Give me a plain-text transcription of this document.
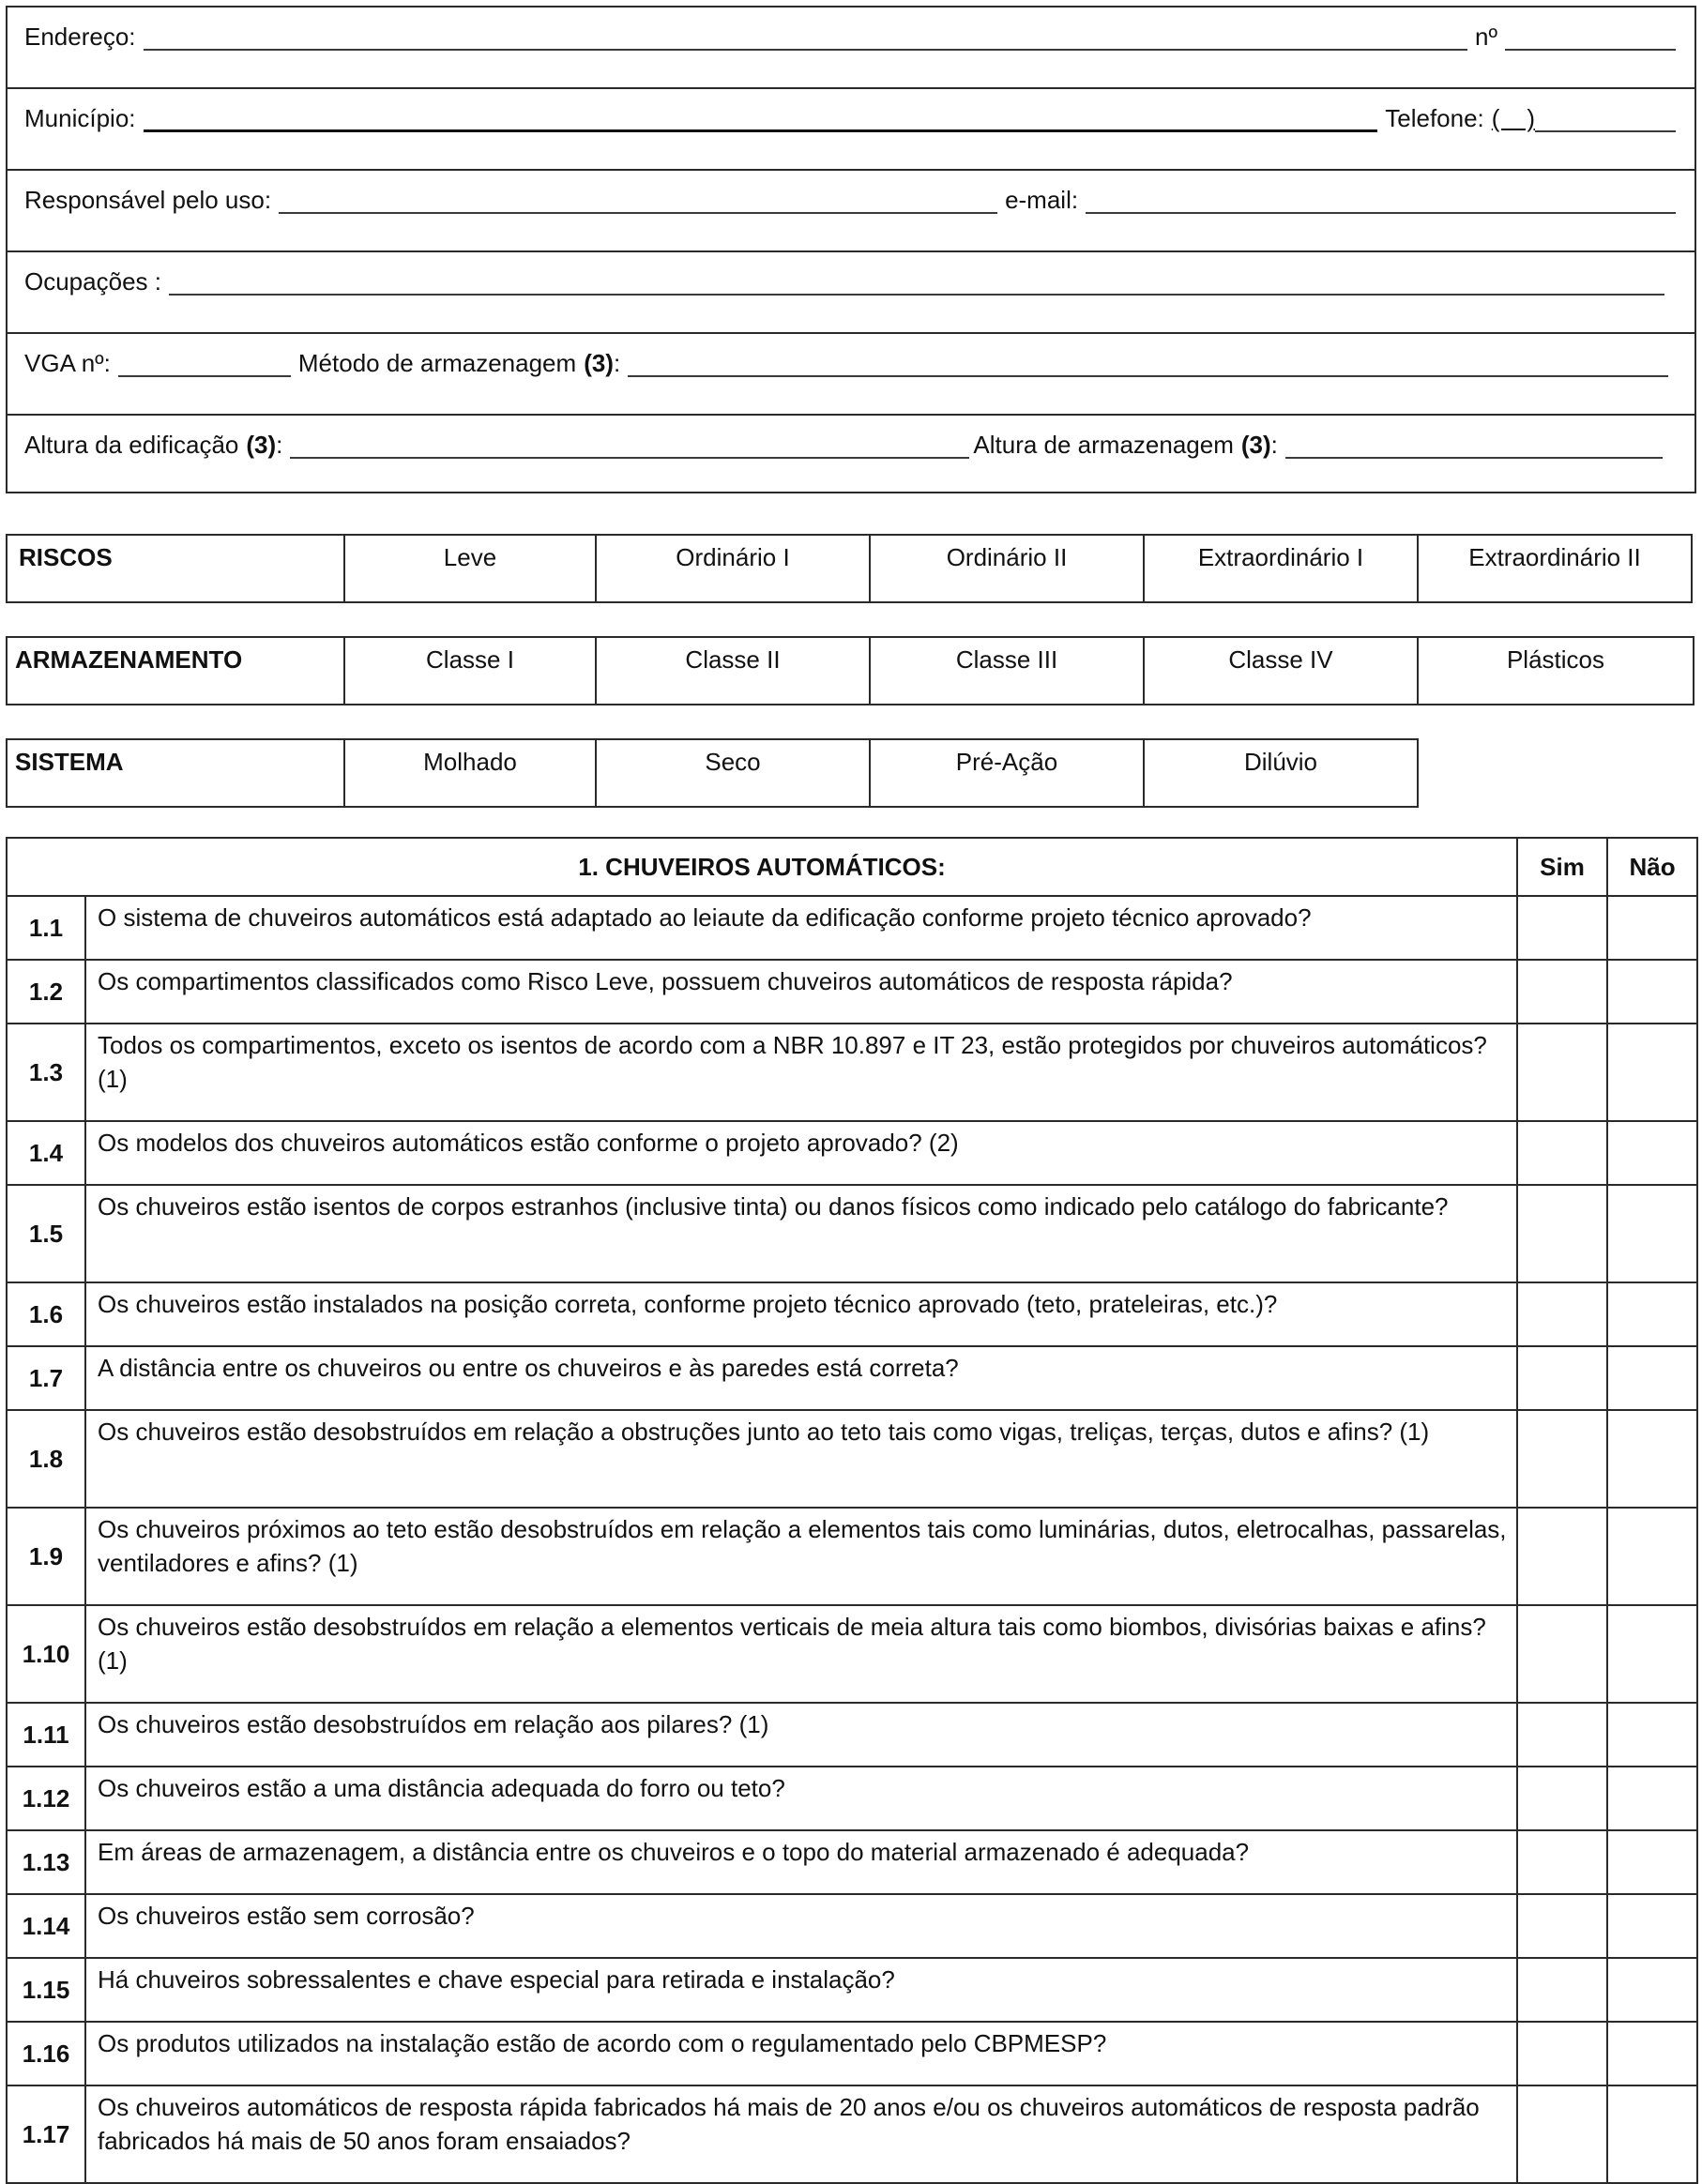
Endereço:	nº
Município:	Telefone: (    )
Responsável pelo uso:	e-mail:
Ocupações :
VGA nº:	Método de armazenagem (3) :
Altura da edificação (3) :	Altura de armazenagem (3) :
RISCOS	Leve	Ordinário I	Ordinário II	Extraordinário I	Extraordinário II
ARMAZENAMENTO	Classe I	Classe II	Classe III	Classe IV	Plásticos
SISTEMA	Molhado	Seco	Pré-Ação	Dilúvio
1. CHUVEIROS AUTOMÁTICOS:		Sim	Não
1.1	O sistema de chuveiros automáticos está adaptado ao leiaute da edificação conforme projeto técnico aprovado?		
1.2	Os compartimentos classificados como Risco Leve, possuem chuveiros automáticos de resposta rápida?		
1.3	Todos os compartimentos, exceto os isentos de acordo com a NBR 10.897 e IT 23, estão protegidos por chuveiros automáticos? (1)		
1.4	Os modelos dos chuveiros automáticos estão conforme o projeto aprovado? (2)		
1.5	Os chuveiros estão isentos de corpos estranhos (inclusive tinta) ou danos físicos como indicado pelo catálogo do fabricante?		
1.6	Os chuveiros estão instalados na posição correta, conforme projeto técnico aprovado (teto, prateleiras, etc.)?		
1.7	A distância entre os chuveiros ou entre os chuveiros e às paredes está correta?		
1.8	Os chuveiros estão desobstruídos em relação a obstruções junto ao teto tais como vigas, treliças, terças, dutos e afins? (1)		
1.9	Os chuveiros próximos ao teto estão desobstruídos em relação a elementos tais como luminárias, dutos, eletrocalhas, passarelas, ventiladores e afins? (1)		
1.10	Os chuveiros estão desobstruídos em relação a elementos verticais de meia altura tais como biombos, divisórias baixas e afins? (1)		
1.11	Os chuveiros estão desobstruídos em relação aos pilares? (1)		
1.12	Os chuveiros estão a uma distância adequada do forro ou teto?		
1.13	Em áreas de armazenagem, a distância entre os chuveiros e o topo do material armazenado é adequada?		
1.14	Os chuveiros estão sem corrosão?		
1.15	Há chuveiros sobressalentes e chave especial para retirada e instalação?		
1.16	Os produtos utilizados na instalação estão de acordo com o regulamentado pelo CBPMESP?		
1.17	Os chuveiros automáticos de resposta rápida fabricados há mais de 20 anos e/ou os chuveiros automáticos de resposta padrão fabricados há mais de 50 anos foram ensaiados?		
